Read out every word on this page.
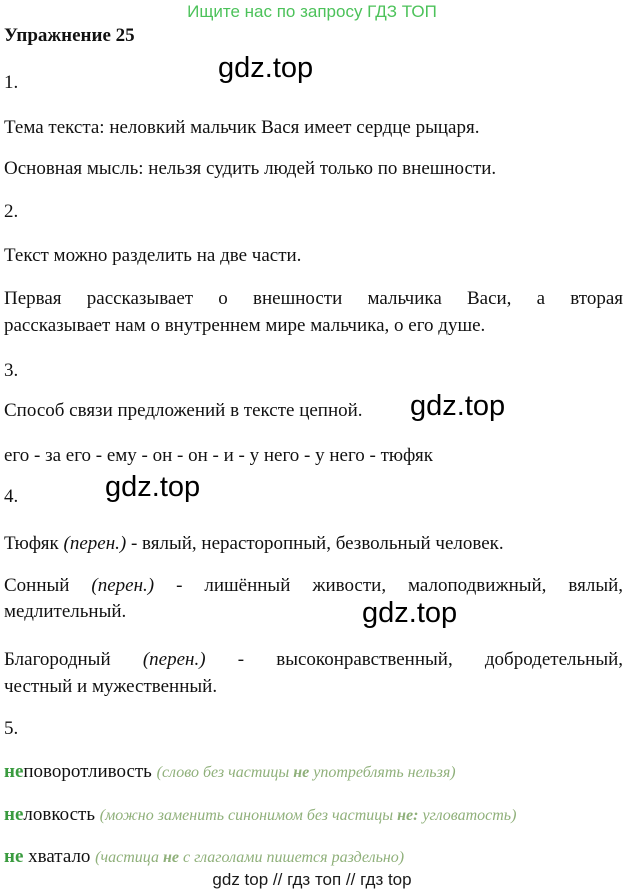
Ищите нас по запросу ГДЗ ТОП
Упражнение 25
gdz.top
1.
Тема текста: неловкий мальчик Вася имеет сердце рыцаря.
Основная мысль: нельзя судить людей только по внешности.
2.
Текст можно разделить на две части.
Первая рассказывает о внешности мальчика Васи, а вторая
рассказывает нам о внутреннем мире мальчика, о его душе.
3.
Способ связи предложений в тексте цепной. gdz.top
его - за его - ему - он - он - и - у него - у него - тюфяк
4.	gdz.top
Тюфяк (перен.) - вялый, нерасторопный, безвольный человек.
Сонный (перен.) - лишённый живости, малоподвижный, вялый,
медлительный.	gdz.top
Благородный (перен.) - высоконравственный, добродетельный,
честный и мужественный.
5.
неповоротливость (слово без частицы не употреблять нельзя)
неловкость (можно заменить синонимом без частицы не: угловатость)
не хватало (частица не с глаголами пишется раздельно)
gdz top // гдз топ // гдз top
